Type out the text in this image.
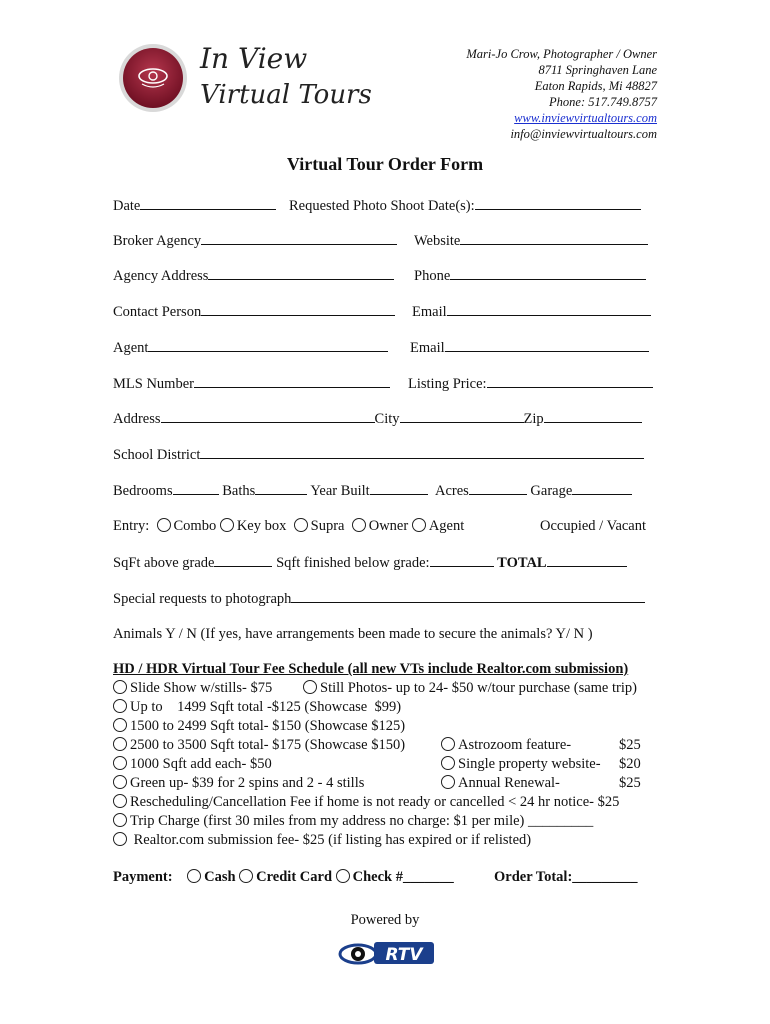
In View
Virtual Tours
Mari-Jo Crow, Photographer / Owner
8711 Springhaven Lane
Eaton Rapids, Mi 48827
Phone: 517.749.8757
www.inviewvirtualtours.com
info@inviewvirtualtours.com
Virtual Tour Order Form
Date	Requested Photo Shoot Date(s):
Broker Agency	Website
Agency Address	Phone
Contact Person	Email
Agent	Email
MLS Number	Listing Price:
Address	City	Zip
School District
Bedrooms	Baths	Year Built	Acres	Garage
Entry: Combo Key box Supra Owner Agent	Occupied / Vacant
SqFt above grade	Sqft finished below grade:	TOTAL
Special requests to photograph
Animals Y / N (If yes, have arrangements been made to secure the animals? Y/ N )
HD / HDR Virtual Tour Fee Schedule (all new VTs include Realtor.com submission)
Slide Show w/stills- $75	Still Photos- up to 24- $50 w/tour purchase (same trip)
Up to    1499 Sqft total -$125 (Showcase  $99)
1500 to 2499 Sqft total- $150 (Showcase $125)
2500 to 3500 Sqft total- $175 (Showcase $150)	Astrozoom feature-	$25
1000 Sqft add each- $50	Single property website- $20
Green up- $39 for 2 spins and 2 - 4 stills	Annual Renewal-	$25
Rescheduling/Cancellation Fee if home is not ready or cancelled < 24 hr notice- $25
Trip Charge (first 30 miles from my address no charge: $1 per mile) _________
Realtor.com submission fee- $25 (if listing has expired or if relisted)
Payment: Cash Credit Card Check #_______	Order Total:_________
Powered by
RTV
